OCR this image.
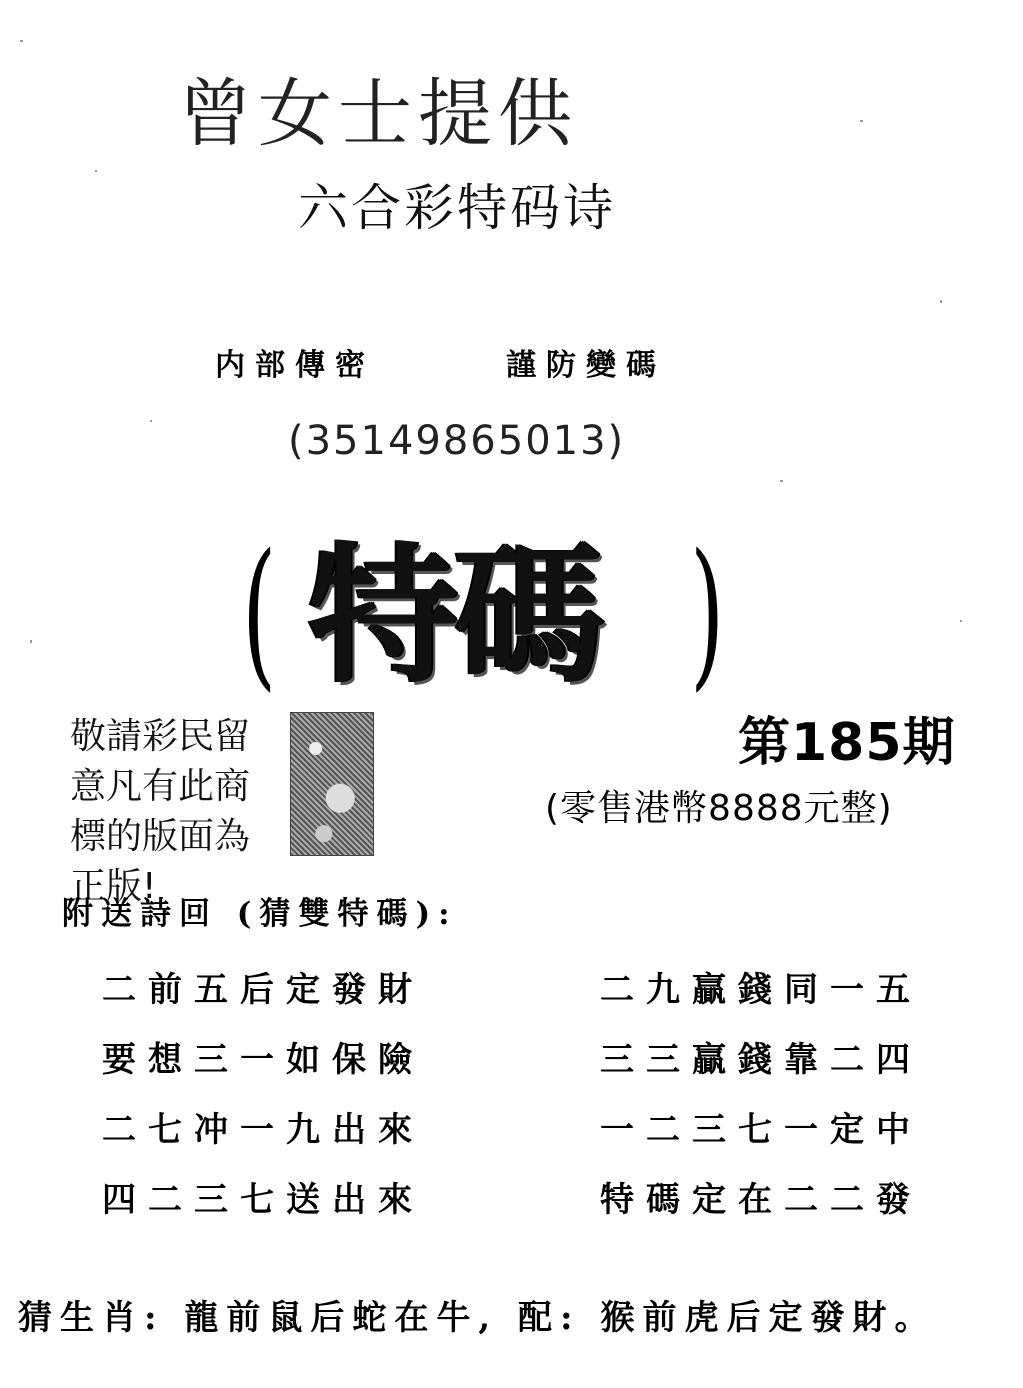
曾女士提供
六合彩特码诗
内部傳密	謹防變碼
(35149865013)
( 特碼 )
敬請彩民留意凡有此商標的版面為正版!
第185期
(零售港幣8888元整)
附送詩回 (猜雙特碼):
二前五后定發財
要想三一如保險
二七冲一九出來
四二三七送出來
二九贏錢同一五
三三贏錢靠二四
一二三七一定中
特碼定在二二發
猜生肖: 龍前鼠后蛇在牛, 配: 猴前虎后定發財。
